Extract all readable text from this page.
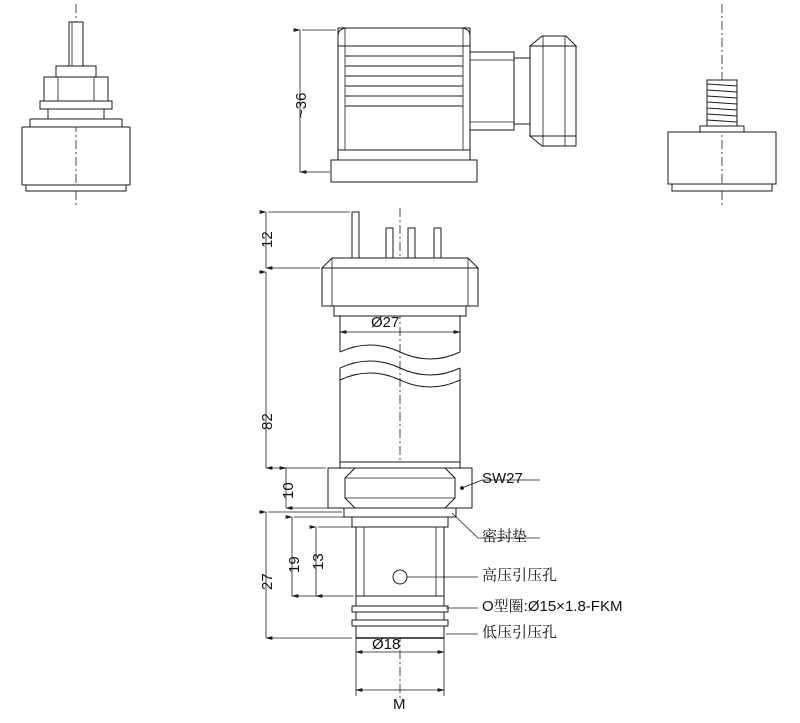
~36
12
82
10
13
19
27
Ø27
Ø18
M
SW27
密封垫
高压引压孔
O型圈:Ø15×1.8-FKM
低压引压孔
